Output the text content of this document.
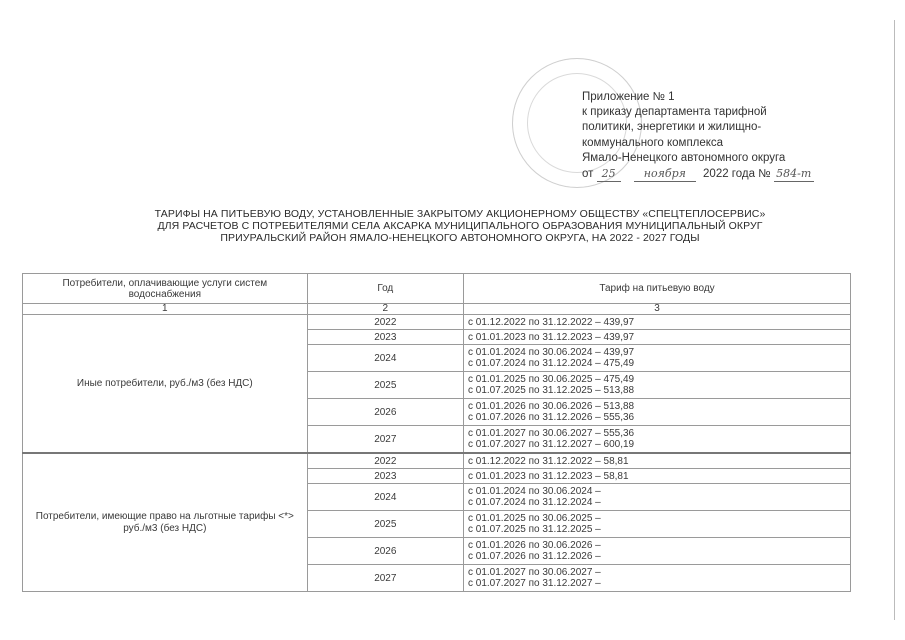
Приложение № 1
к приказу департамента тарифной
политики, энергетики и жилищно-
коммунального комплекса
Ямало-Ненецкого автономного округа
от 25	ноября 2022 года № 584-т
ТАРИФЫ НА ПИТЬЕВУЮ ВОДУ, УСТАНОВЛЕННЫЕ ЗАКРЫТОМУ АКЦИОНЕРНОМУ ОБЩЕСТВУ «СПЕЦТЕПЛОСЕРВИС»
ДЛЯ РАСЧЕТОВ С ПОТРЕБИТЕЛЯМИ СЕЛА АКСАРКА МУНИЦИПАЛЬНОГО ОБРАЗОВАНИЯ МУНИЦИПАЛЬНЫЙ ОКРУГ
ПРИУРАЛЬСКИЙ РАЙОН ЯМАЛО-НЕНЕЦКОГО АВТОНОМНОГО ОКРУГА, НА 2022 - 2027 ГОДЫ
Потребители, оплачивающие услуги систем водоснабжения	Год	Тариф на питьевую воду
1	2	3
Иные потребители, руб./м3 (без НДС)	2022	с 01.12.2022 по 31.12.2022 – 439,97

	2023	с 01.01.2023 по 31.12.2023 – 439,97

	2024	с 01.01.2024 по 30.06.2024 – 439,97
с 01.07.2024 по 31.12.2024 – 475,49

	2025	с 01.01.2025 по 30.06.2025 – 475,49
с 01.07.2025 по 31.12.2025 – 513,88

	2026	с 01.01.2026 по 30.06.2026 – 513,88
с 01.07.2026 по 31.12.2026 – 555,36

	2027	с 01.01.2027 по 30.06.2027 – 555,36
с 01.07.2027 по 31.12.2027 – 600,19

Потребители, имеющие право на льготные тарифы <*> руб./м3 (без НДС)	2022	с 01.12.2022 по 31.12.2022 – 58,81

	2023	с 01.01.2023 по 31.12.2023 – 58,81

	2024	с 01.01.2024 по 30.06.2024 –
с 01.07.2024 по 31.12.2024 –

	2025	с 01.01.2025 по 30.06.2025 –
с 01.07.2025 по 31.12.2025 –

	2026	с 01.01.2026 по 30.06.2026 –
с 01.07.2026 по 31.12.2026 –

	2027	с 01.01.2027 по 30.06.2027 –
с 01.07.2027 по 31.12.2027 –
